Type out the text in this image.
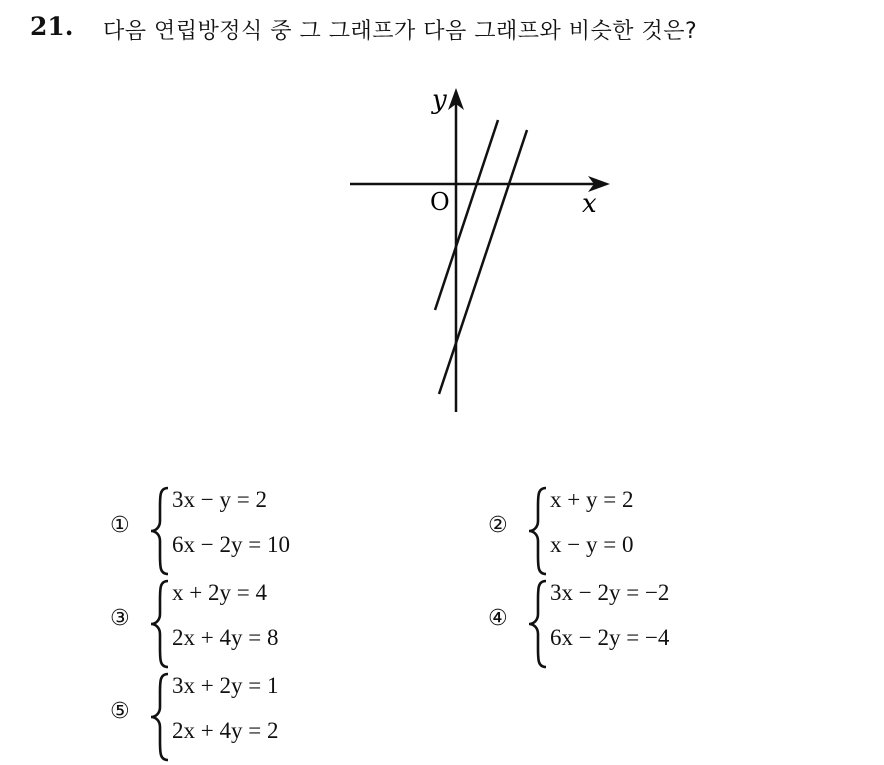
21. 다음 연립방정식 중 그 그래프가 다음 그래프와 비슷한 것은?
y
x
O
①
3x − y = 2
6x − 2y = 10
②
x + y = 2
x − y = 0
③
x + 2y = 4
2x + 4y = 8
④
3x − 2y = −2
6x − 2y = −4
⑤
3x + 2y = 1
2x + 4y = 2
